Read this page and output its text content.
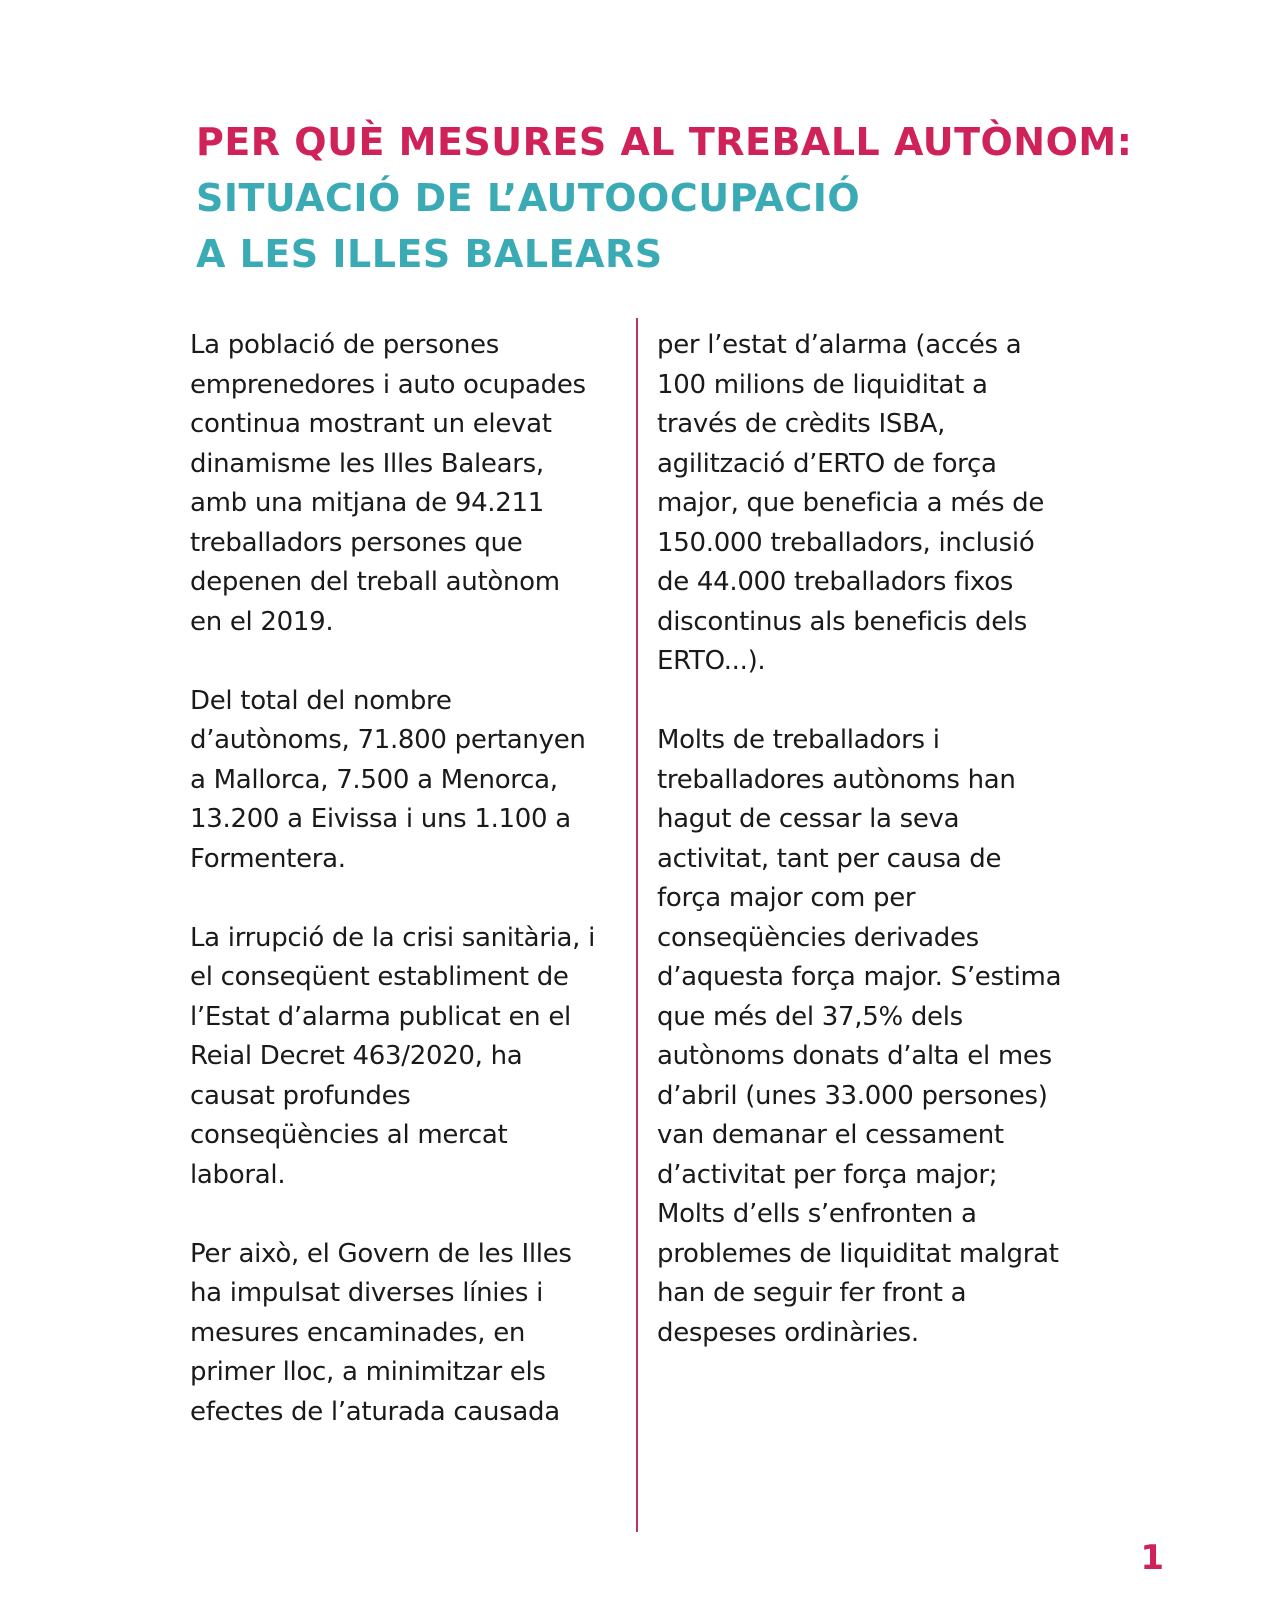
PER QUÈ MESURES AL TREBALL AUTÒNOM:
SITUACIÓ DE L’AUTOOCUPACIÓ
A LES ILLES BALEARS

La població de persones
emprenedores i auto ocupades
continua mostrant un elevat
dinamisme les Illes Balears,
amb una mitjana de 94.211
treballadors persones que
depenen del treball autònom
en el 2019.

Del total del nombre
d’autònoms, 71.800 pertanyen
a Mallorca, 7.500 a Menorca,
13.200 a Eivissa i uns 1.100 a
Formentera.

La irrupció de la crisi sanitària, i
el conseqüent establiment de
l’Estat d’alarma publicat en el
Reial Decret 463/2020, ha
causat profundes
conseqüències al mercat
laboral.

Per això, el Govern de les Illes
ha impulsat diverses línies i
mesures encaminades, en
primer lloc, a minimitzar els
efectes de l’aturada causada

per l’estat d’alarma (accés a
100 milions de liquiditat a
través de crèdits ISBA,
agilització d’ERTO de força
major, que beneficia a més de
150.000 treballadors, inclusió
de 44.000 treballadors fixos
discontinus als beneficis dels
ERTO...).

Molts de treballadors i
treballadores autònoms han
hagut de cessar la seva
activitat, tant per causa de
força major com per
conseqüències derivades
d’aquesta força major. S’estima
que més del 37,5% dels
autònoms donats d’alta el mes
d’abril (unes 33.000 persones)
van demanar el cessament
d’activitat per força major;
Molts d’ells s’enfronten a
problemes de liquiditat malgrat
han de seguir fer front a
despeses ordinàries.

1
